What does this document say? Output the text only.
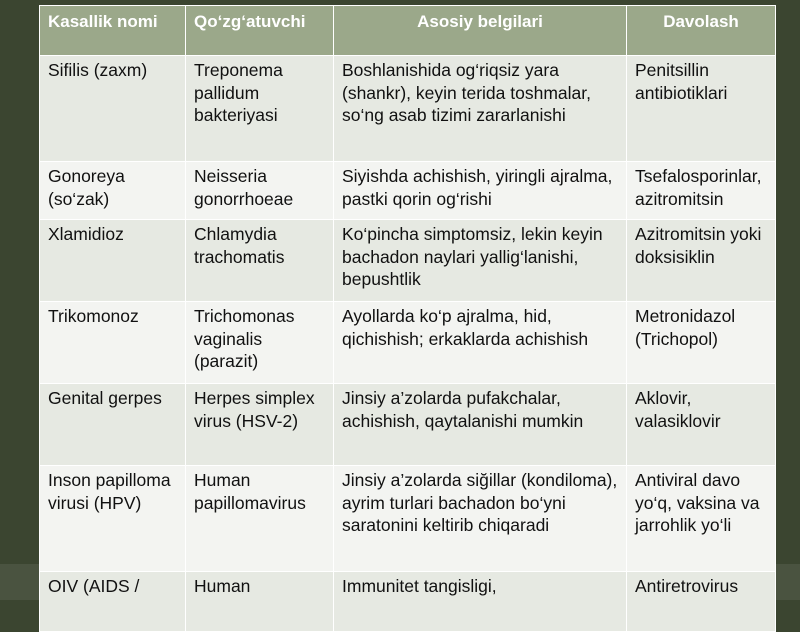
Kasallik nomi	Qo‘zg‘atuvchi	Asosiy belgilari	Davolash
Sifilis (zaxm)	Treponema pallidum bakteriyasi	Boshlanishida og‘riqsiz yara (shankr), keyin terida toshmalar, so‘ng asab tizimi zararlanishi	Penitsillin antibiotiklari
Gonoreya (so‘zak)	Neisseria gonorrhoeae	Siyishda achishish, yiringli ajralma, pastki qorin og‘rishi	Tsefalosporinlar, azitromitsin
Xlamidioz	Chlamydia trachomatis	Ko‘pincha simptomsiz, lekin keyin bachadon naylari yallig‘lanishi, bepushtlik	Azitromitsin yoki doksisiklin
Trikomonoz	Trichomonas vaginalis (parazit)	Ayollarda ko‘p ajralma, hid, qichishish; erkaklarda achishish	Metronidazol (Trichopol)
Genital gerpes	Herpes simplex virus (HSV-2)	Jinsiy a’zolarda pufakchalar, achishish, qaytalanishi mumkin	Aklovir, valasiklovir
Inson papillomavirusi (HPV)	Human papillomavirus	Jinsiy a’zolarda siğillar (kondiloma), ayrim turlari bachadon bo‘yni saratonini keltirib chiqaradi	Antiviral davo yo‘q, vaksina va jarrohlik yo‘li
OIV (AIDS /	Human	Immunitet tangisligi,	Antiretrovirus
